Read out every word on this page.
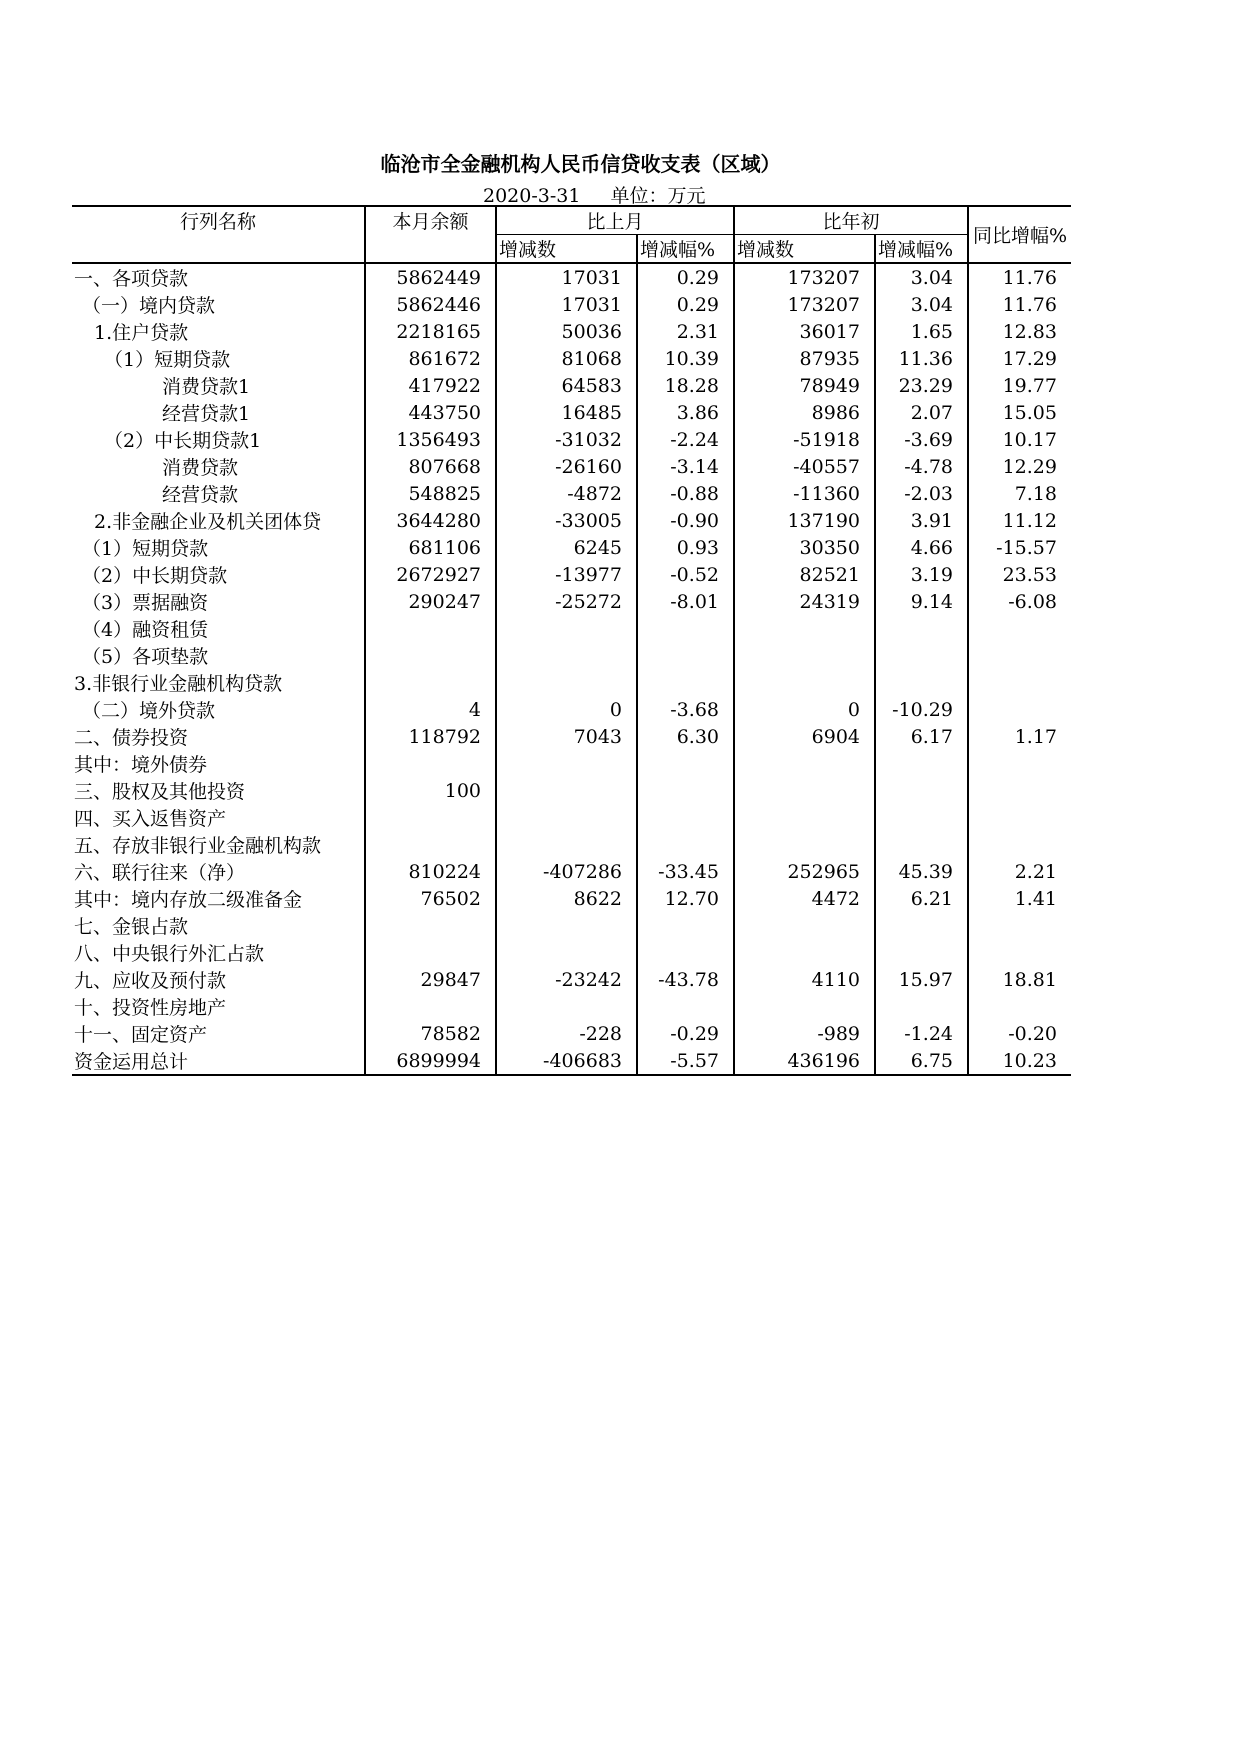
临沧市全金融机构人民币信贷收支表（区域）
2020-3-31 单位：万元
行列名称	本月余额	比上月		比年初		同比增幅%
		增减数	增减幅%	增减数	增减幅%	
一、各项贷款	5862449	17031	0.29	173207	3.04	11.76
（一）境内贷款	5862446	17031	0.29	173207	3.04	11.76
1.住户贷款	2218165	50036	2.31	36017	1.65	12.83
（1）短期贷款	861672	81068	10.39	87935	11.36	17.29
消费贷款1	417922	64583	18.28	78949	23.29	19.77
经营贷款1	443750	16485	3.86	8986	2.07	15.05
（2）中长期贷款1	1356493	-31032	-2.24	-51918	-3.69	10.17
消费贷款	807668	-26160	-3.14	-40557	-4.78	12.29
经营贷款	548825	-4872	-0.88	-11360	-2.03	7.18
2.非金融企业及机关团体贷	3644280	-33005	-0.90	137190	3.91	11.12
（1）短期贷款	681106	6245	0.93	30350	4.66	-15.57
（2）中长期贷款	2672927	-13977	-0.52	82521	3.19	23.53
（3）票据融资	290247	-25272	-8.01	24319	9.14	-6.08
（4）融资租赁						
（5）各项垫款						
3.非银行业金融机构贷款						
（二）境外贷款	4	0	-3.68	0	-10.29	
二、债券投资	118792	7043	6.30	6904	6.17	1.17
其中：境外债券						
三、股权及其他投资	100					
四、买入返售资产						
五、存放非银行业金融机构款						
六、联行往来（净）	810224	-407286	-33.45	252965	45.39	2.21
其中：境内存放二级准备金	76502	8622	12.70	4472	6.21	1.41
七、金银占款						
八、中央银行外汇占款						
九、应收及预付款	29847	-23242	-43.78	4110	15.97	18.81
十、投资性房地产						
十一、固定资产	78582	-228	-0.29	-989	-1.24	-0.20
资金运用总计	6899994	-406683	-5.57	436196	6.75	10.23
